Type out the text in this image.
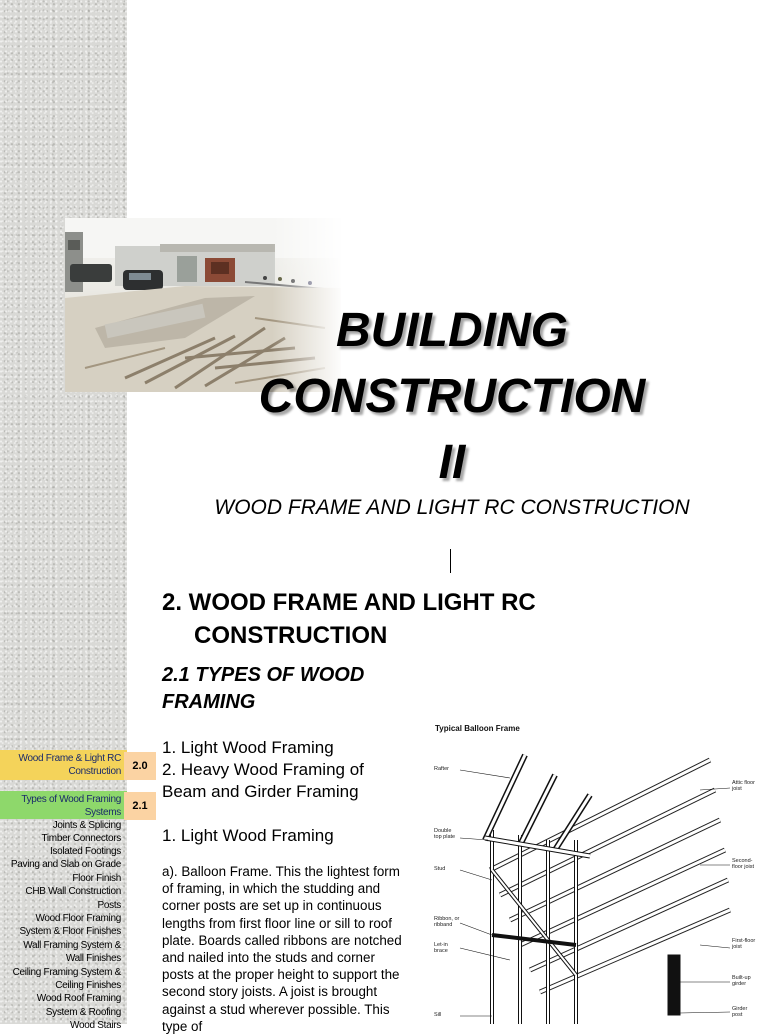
Wood Frame & Light RC Construction
Types of Wood Framing Systems
Joints & Splicing
Timber Connectors
Isolated Footings
Paving and Slab on Grade
Floor Finish
CHB Wall Construction
Posts
Wood Floor Framing
System & Floor Finishes
Wall Framing System &
Wall Finishes
Ceiling Framing System &
Ceiling Finishes
Wood Roof Framing
System & Roofing
Wood Stairs
2.0
2.1
BUILDING
CONSTRUCTION
II
WOOD FRAME AND LIGHT RC CONSTRUCTION
2. WOOD FRAME AND LIGHT RC
CONSTRUCTION
2.1 TYPES OF WOOD
FRAMING
1. Light Wood Framing
2. Heavy Wood Framing of
Beam and Girder Framing
1. Light Wood Framing
a). Balloon Frame. This the lightest form of framing, in which the studding and corner posts are set up in continuous lengths from first floor line or sill to roof plate. Boards called ribbons are notched and nailed into the studs and corner posts at the proper height to support the second story joists. A joist is brought against a stud wherever possible. This type of
Typical Balloon Frame
Rafter
Double top plate
Stud
Ribbon, or ribband
Let-in brace
Sill
Attic floor joist
Second-floor joist
First-floor joist
Built-up girder
Girder post
